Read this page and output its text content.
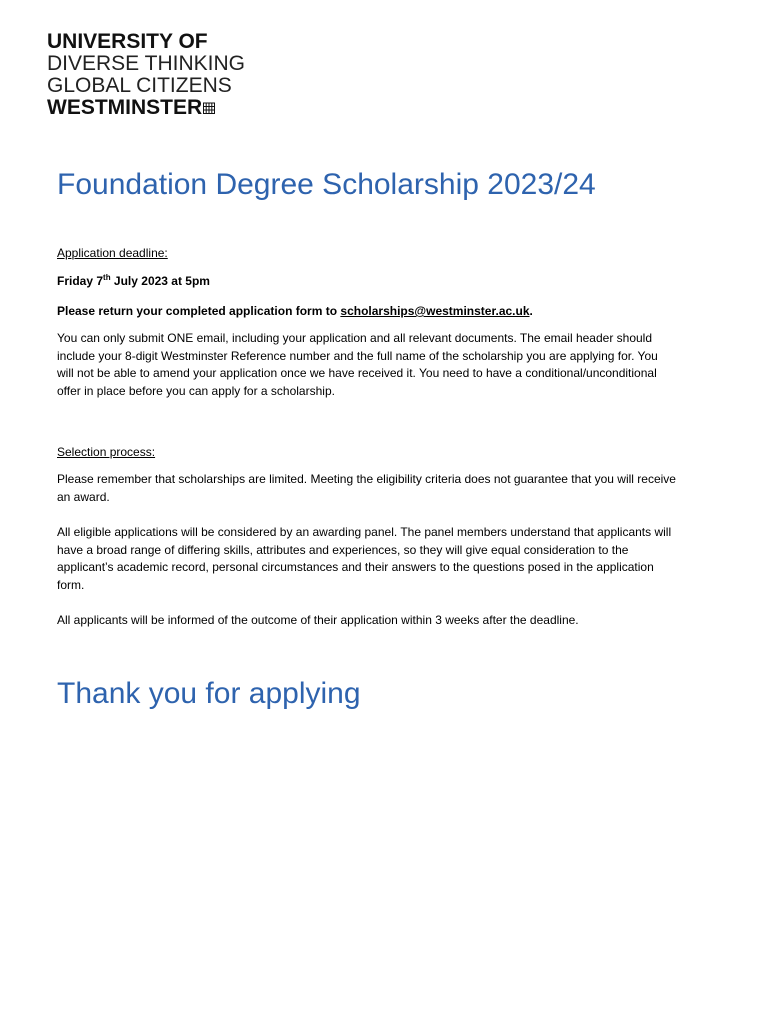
UNIVERSITY OF
DIVERSE THINKING
GLOBAL CITIZENS
WESTMINSTER
Foundation Degree Scholarship 2023/24
Application deadline:
Friday 7th July 2023 at 5pm
Please return your completed application form to scholarships@westminster.ac.uk.
You can only submit ONE email, including your application and all relevant documents. The email header should include your 8-digit Westminster Reference number and the full name of the scholarship you are applying for. You will not be able to amend your application once we have received it. You need to have a conditional/unconditional offer in place before you can apply for a scholarship.
Selection process:
Please remember that scholarships are limited. Meeting the eligibility criteria does not guarantee that you will receive an award.
All eligible applications will be considered by an awarding panel. The panel members understand that applicants will have a broad range of differing skills, attributes and experiences, so they will give equal consideration to the applicant’s academic record, personal circumstances and their answers to the questions posed in the application form.
All applicants will be informed of the outcome of their application within 3 weeks after the deadline.
Thank you for applying
